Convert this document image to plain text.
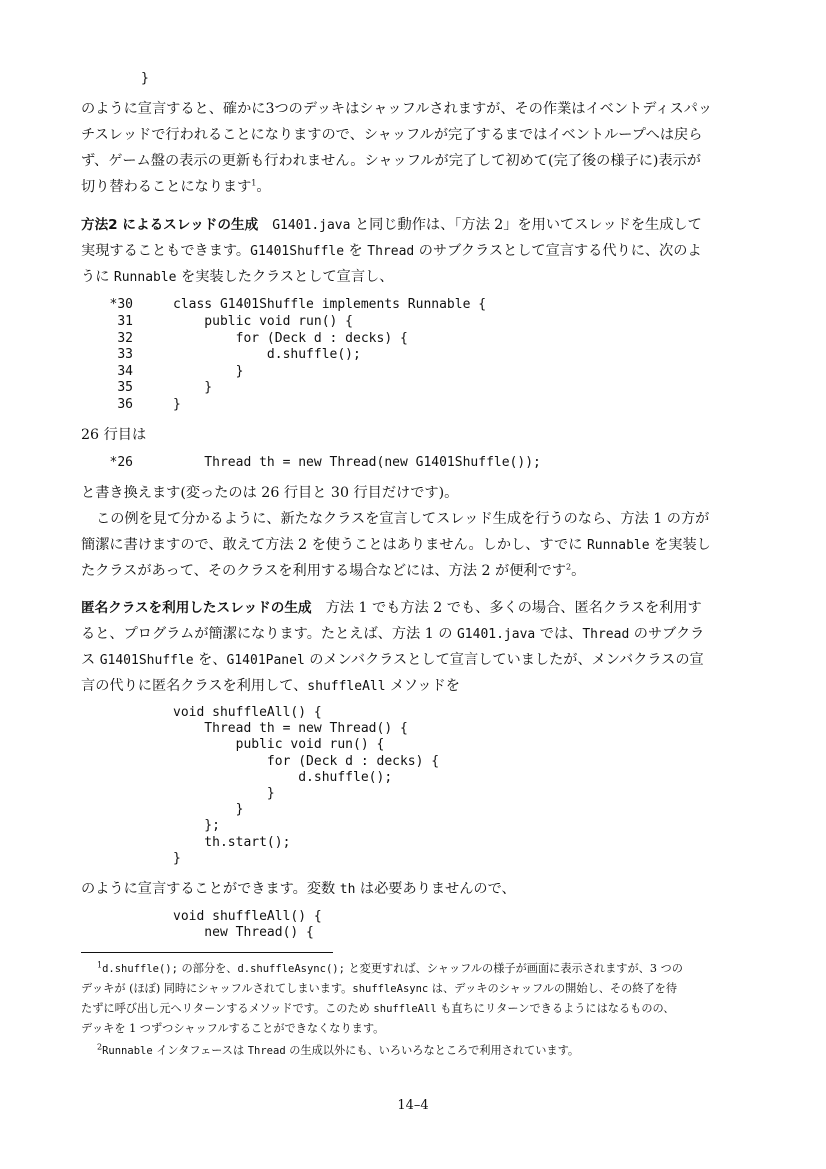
}

のように宣言すると、確かに3つのデッキはシャッフルされますが、その作業はイベントディスパッ

チスレッドで行われることになりますので、シャッフルが完了するまではイベントループへは戻ら

ず、ゲーム盤の表示の更新も行われません。シャッフルが完了して初めて(完了後の様子に)表示が

切り替わることになります$^1$。

方法2 によるスレッドの生成 G1401.java と同じ動作は、「方法 2」を用いてスレッドを生成して

実現することもできます。G1401Shuffle を Thread のサブクラスとして宣言する代りに、次のよ

うに Runnable を実装したクラスとして宣言し、

*30	class G1401Shuffle implements Runnable {
31	public void run() {
32	for (Deck d : decks) {
33	d.shuffle();
34	}
35	}
36	}

26 行目は

*26	Thread th = new Thread(new G1401Shuffle());

と書き換えます(変ったのは 26 行目と 30 行目だけです)。

この例を見て分かるように、新たなクラスを宣言してスレッド生成を行うのなら、方法 1 の方が

簡潔に書けますので、敢えて方法 2 を使うことはありません。しかし、すでに Runnable を実装し

たクラスがあって、そのクラスを利用する場合などには、方法 2 が便利です$^2$。

匿名クラスを利用したスレッドの生成 方法 1 でも方法 2 でも、多くの場合、匿名クラスを利用す

ると、プログラムが簡潔になります。たとえば、方法 1 の G1401.java では、Thread のサブクラ

ス G1401Shuffle を、G1401Panel のメンバクラスとして宣言していましたが、メンバクラスの宣

言の代りに匿名クラスを利用して、shuffleAll メソッドを

void shuffleAll() {
Thread th = new Thread() {
public void run() {
for (Deck d : decks) {
d.shuffle();
}
}
};
th.start();
}

のように宣言することができます。変数 th は必要ありませんので、

void shuffleAll() {
new Thread() {
$^1$d.shuffle(); の部分を、d.shuffleAsync(); と変更すれば、シャッフルの様子が画面に表示されますが、3 つの
デッキが (ほぼ) 同時にシャッフルされてしまいます。shuffleAsync は、デッキのシャッフルの開始し、その終了を待
たずに呼び出し元へリターンするメソッドです。このため shuffleAll も直ちにリターンできるようにはなるものの、
デッキを 1 つずつシャッフルすることができなくなります。
$^2$Runnable インタフェースは Thread の生成以外にも、いろいろなところで利用されています。
14–4
